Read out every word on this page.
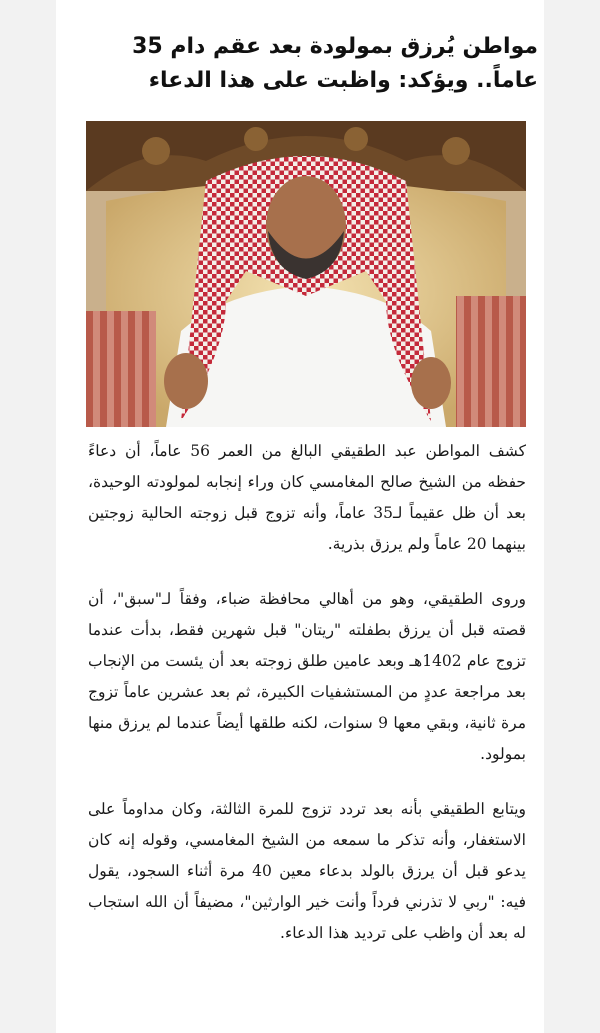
مواطن يُرزق بمولودة بعد عقم دام 35 عاماً.. ويؤكد: واظبت على هذا الدعاء

كشف المواطن عبد الطقيقي البالغ من العمر 56 عاماً، أن دعاءً حفظه من الشيخ صالح المغامسي كان وراء إنجابه لمولودته الوحيدة، بعد أن ظل عقيماً لـ35 عاماً، وأنه تزوج قبل زوجته الحالية زوجتين بينهما 20 عاماً ولم يرزق بذرية.

وروى الطقيقي، وهو من أهالي محافظة ضباء، وفقاً لـ"سبق"، أن قصته قبل أن يرزق بطفلته "ريتان" قبل شهرين فقط، بدأت عندما تزوج عام 1402هـ وبعد عامين طلق زوجته بعد أن يئست من الإنجاب بعد مراجعة عددٍ من المستشفيات الكبيرة، ثم بعد عشرين عاماً تزوج مرة ثانية، وبقي معها 9 سنوات، لكنه طلقها أيضاً عندما لم يرزق منها بمولود.

ويتابع الطقيقي بأنه بعد تردد تزوج للمرة الثالثة، وكان مداوماً على الاستغفار، وأنه تذكر ما سمعه من الشيخ المغامسي، وقوله إنه كان يدعو قبل أن يرزق بالولد بدعاء معين 40 مرة أثناء السجود، يقول فيه: "ربي لا تذرني فرداً وأنت خير الوارثين"، مضيفاً أن الله استجاب له بعد أن واظب على ترديد هذا الدعاء.
